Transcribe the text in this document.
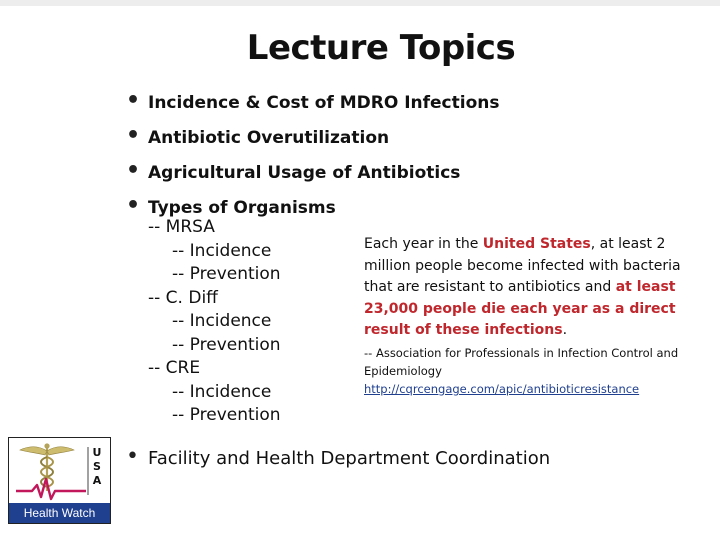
Lecture Topics
• Incidence & Cost of MDRO Infections
• Antibiotic Overutilization
• Agricultural Usage of Antibiotics
• Types of Organisms
-- MRSA
-- Incidence
-- Prevention
-- C. Diff
-- Incidence
-- Prevention
-- CRE
-- Incidence
-- Prevention
Each year in the United States, at least 2 million people become infected with bacteria that are resistant to antibiotics and at least 23,000 people die each year as a direct result of these infections.
-- Association for Professionals in Infection Control and Epidemiology
http://cqrcengage.com/apic/antibioticresistance
• Facility and Health Department Coordination
U
S
A
Health Watch
